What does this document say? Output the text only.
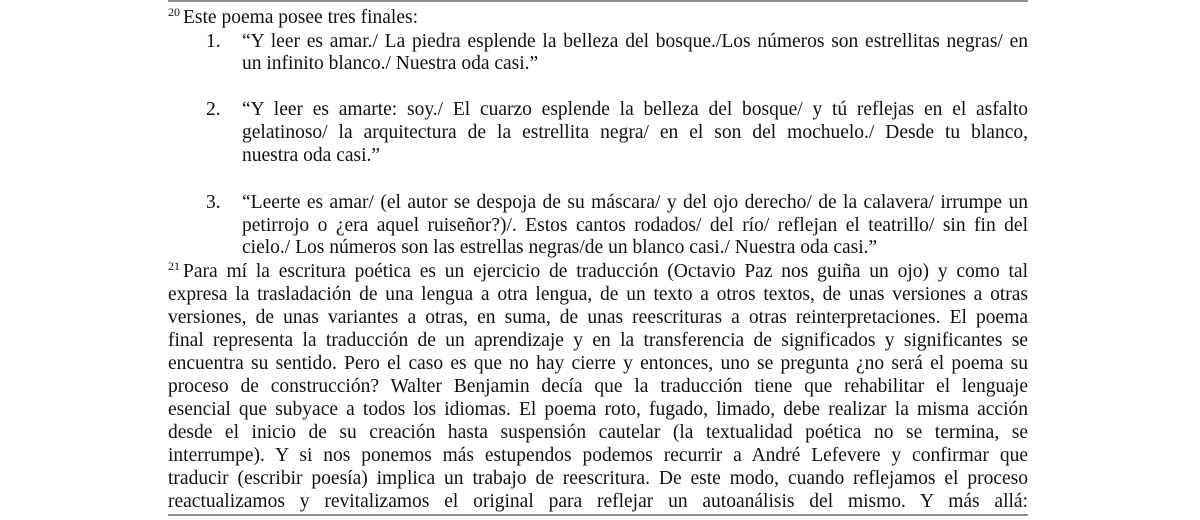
$^{20}$ Este poema posee tres finales:
1. “Y leer es amar./ La piedra esplende la belleza del bosque./Los números son estrellitas negras/ en
un infinito blanco./ Nuestra oda casi.”
2. “Y leer es amarte: soy./ El cuarzo esplende la belleza del bosque/ y tú reflejas en el asfalto
gelatinoso/ la arquitectura de la estrellita negra/ en el son del mochuelo./ Desde tu blanco,
nuestra oda casi.”
3. “Leerte es amar/ (el autor se despoja de su máscara/ y del ojo derecho/ de la calavera/ irrumpe un
petirrojo o ¿era aquel ruiseñor?)/. Estos cantos rodados/ del río/ reflejan el teatrillo/ sin fin del
cielo./ Los números son las estrellas negras/de un blanco casi./ Nuestra oda casi.”
$^{21}$ Para mí la escritura poética es un ejercicio de traducción (Octavio Paz nos guiña un ojo) y como tal
expresa la trasladación de una lengua a otra lengua, de un texto a otros textos, de unas versiones a otras
versiones, de unas variantes a otras, en suma, de unas reescrituras a otras reinterpretaciones. El poema
final representa la traducción de un aprendizaje y en la transferencia de significados y significantes se
encuentra su sentido. Pero el caso es que no hay cierre y entonces, uno se pregunta ¿no será el poema su
proceso de construcción? Walter Benjamin decía que la traducción tiene que rehabilitar el lenguaje
esencial que subyace a todos los idiomas. El poema roto, fugado, limado, debe realizar la misma acción
desde el inicio de su creación hasta suspensión cautelar (la textualidad poética no se termina, se
interrumpe). Y si nos ponemos más estupendos podemos recurrir a André Lefevere y confirmar que
traducir (escribir poesía) implica un trabajo de reescritura. De este modo, cuando reflejamos el proceso
reactualizamos y revitalizamos el original para reflejar un autoanálisis del mismo. Y más allá:
